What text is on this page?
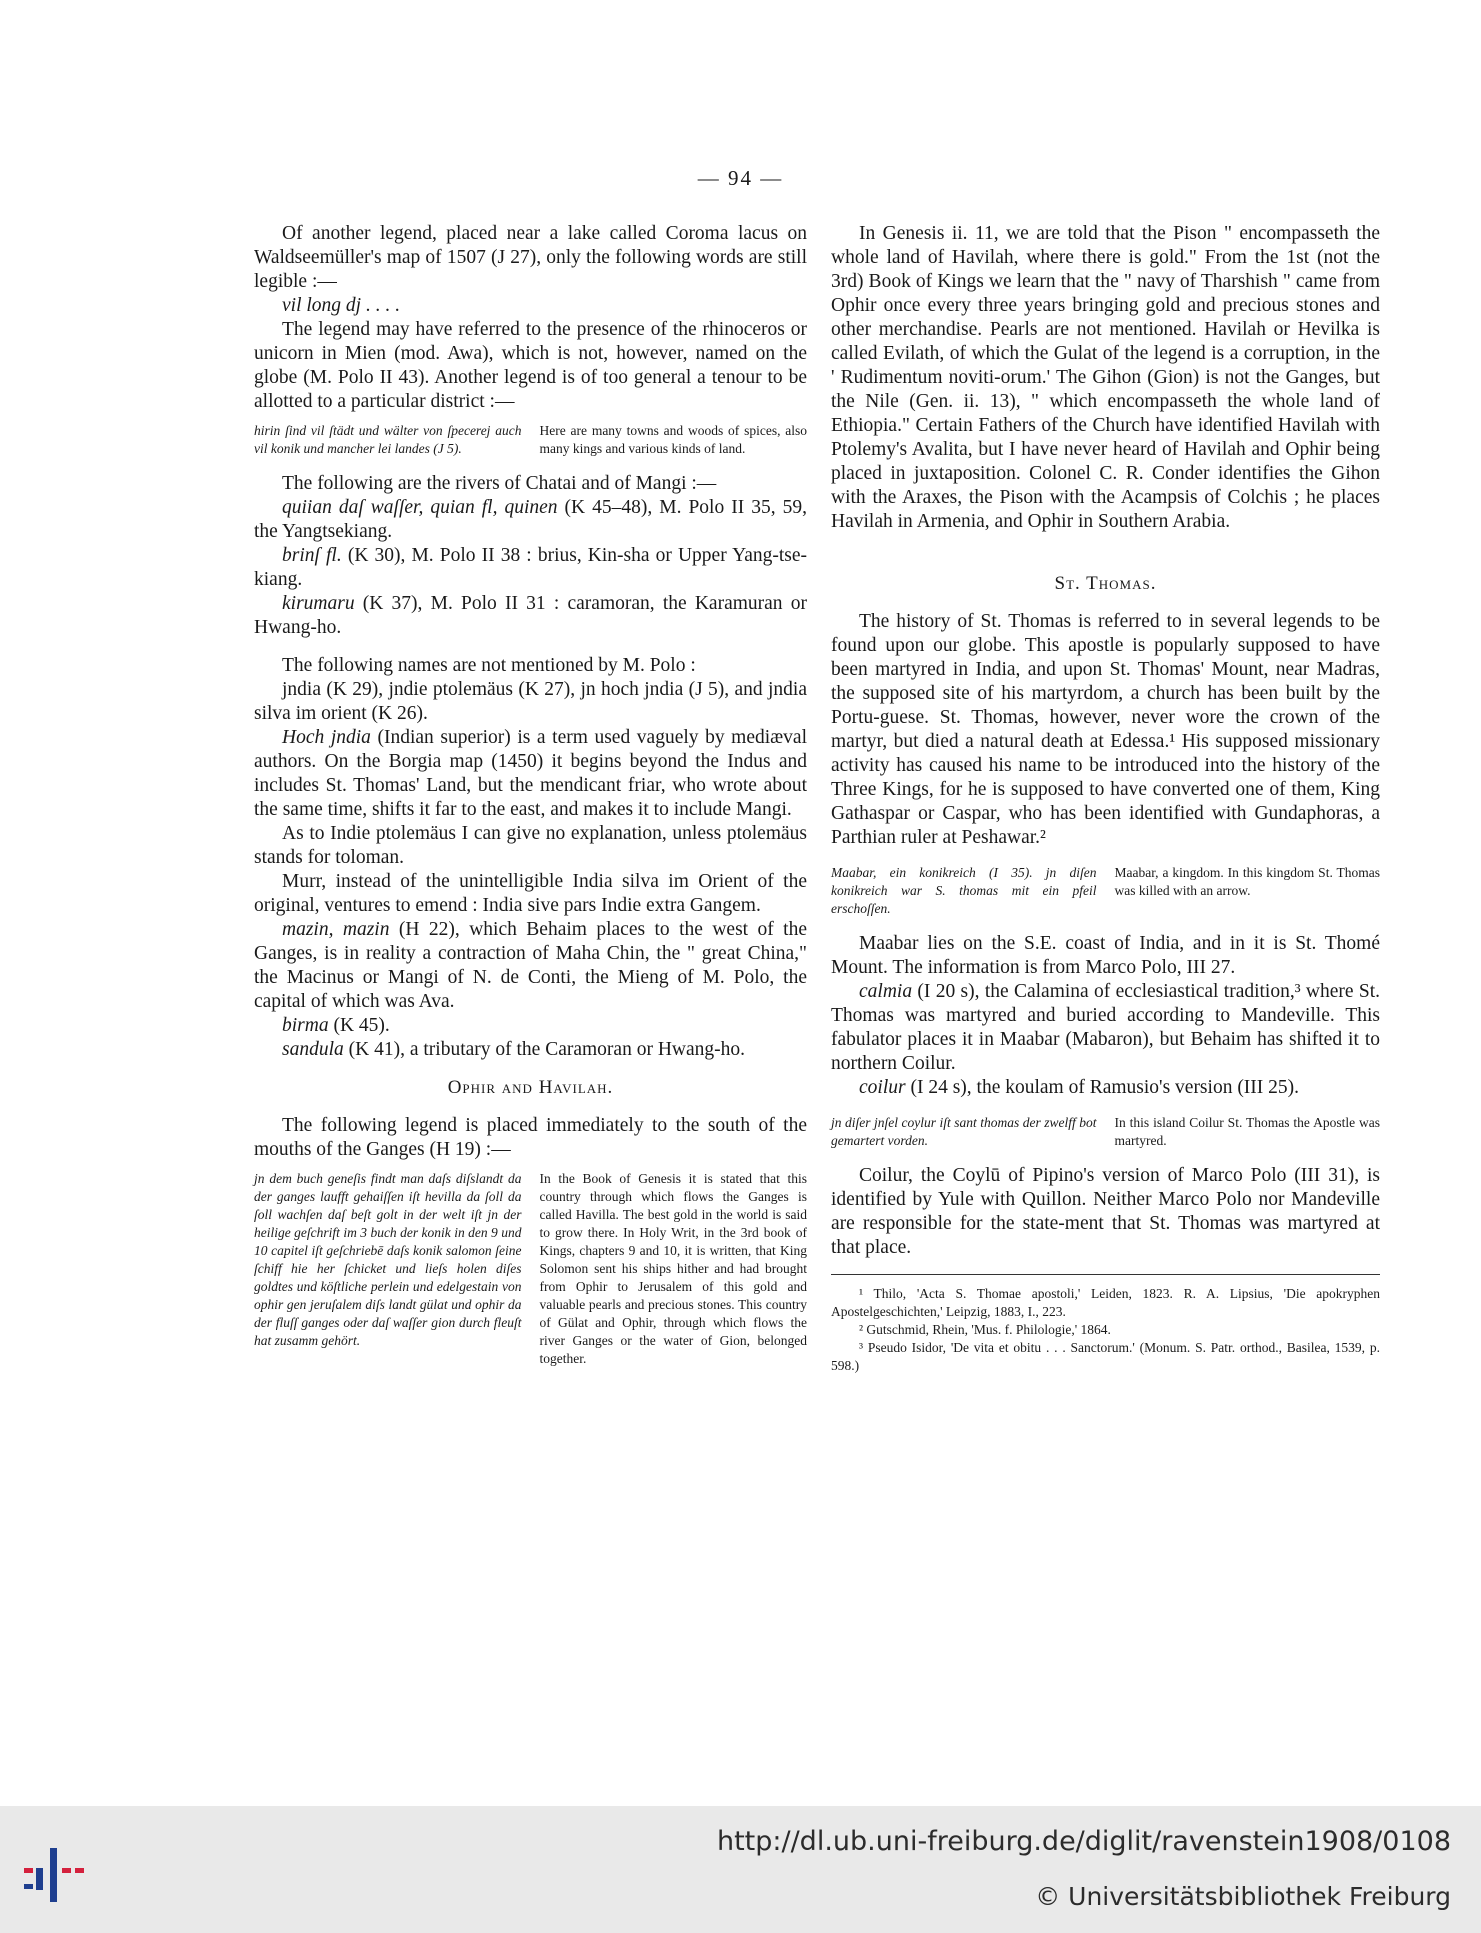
— 94 —

Of another legend, placed near a lake called Coroma lacus on Waldseemüller's map of 1507 (J 27), only the following words are still legible :—

vil long dj . . . .

The legend may have referred to the presence of the rhinoceros or unicorn in Mien (mod. Awa), which is not, however, named on the globe (M. Polo II 43). Another legend is of too general a tenour to be allotted to a particular district :—

hirin ſind vil ſtädt und wälter von ſpecerej auch vil konik und mancher lei landes (J 5).
Here are many towns and woods of spices, also many kings and various kinds of land.

The following are the rivers of Chatai and of Mangi :—

quiian daſ waſſer, quian fl, quinen (K 45–48), M. Polo II 35, 59, the Yangtsekiang.

brinſ fl. (K 30), M. Polo II 38 : brius, Kin-sha or Upper Yang-tse-kiang.

kirumaru (K 37), M. Polo II 31 : caramoran, the Karamuran or Hwang-ho.

The following names are not mentioned by M. Polo :

jndia (K 29), jndie ptolemäus (K 27), jn hoch jndia (J 5), and jndia silva im orient (K 26).

Hoch jndia (Indian superior) is a term used vaguely by mediæval authors. On the Borgia map (1450) it begins beyond the Indus and includes St. Thomas' Land, but the mendicant friar, who wrote about the same time, shifts it far to the east, and makes it to include Mangi.

As to Indie ptolemäus I can give no explanation, unless ptolemäus stands for toloman.

Murr, instead of the unintelligible India silva im Orient of the original, ventures to emend : India sive pars Indie extra Gangem.

mazin, mazin (H 22), which Behaim places to the west of the Ganges, is in reality a contraction of Maha Chin, the " great China," the Macinus or Mangi of N. de Conti, the Mieng of M. Polo, the capital of which was Ava.

birma (K 45).

sandula (K 41), a tributary of the Caramoran or Hwang-ho.

Ophir and Havilah.

The following legend is placed immediately to the south of the mouths of the Ganges (H 19) :—

jn dem buch geneſis findt man daſs diſslandt da der ganges laufft gehaiſſen iſt hevilla da ſoll da ſoll wachſen daſ beſt golt in der welt iſt jn der heilige geſchrift im 3 buch der konik in den 9 und 10 capitel iſt geſchriebē daſs konik salomon ſeine ſchiff hie her ſchicket und lieſs holen diſes goldtes und köſtliche perlein und edelgestain von ophir gen jeruſalem diſs landt gülat und ophir da der fluſſ ganges oder daſ waſſer gion durch fleuſt hat zusamm gehört.
In the Book of Genesis it is stated that this country through which flows the Ganges is called Havilla. The best gold in the world is said to grow there. In Holy Writ, in the 3rd book of Kings, chapters 9 and 10, it is written, that King Solomon sent his ships hither and had brought from Ophir to Jerusalem of this gold and valuable pearls and precious stones. This country of Gülat and Ophir, through which flows the river Ganges or the water of Gion, belonged together.

In Genesis ii. 11, we are told that the Pison " encompasseth the whole land of Havilah, where there is gold." From the 1st (not the 3rd) Book of Kings we learn that the " navy of Tharshish " came from Ophir once every three years bringing gold and precious stones and other merchandise. Pearls are not mentioned. Havilah or Hevilka is called Evilath, of which the Gulat of the legend is a corruption, in the ' Rudimentum noviti-orum.' The Gihon (Gion) is not the Ganges, but the Nile (Gen. ii. 13), " which encompasseth the whole land of Ethiopia." Certain Fathers of the Church have identified Havilah with Ptolemy's Avalita, but I have never heard of Havilah and Ophir being placed in juxtaposition. Colonel C. R. Conder identifies the Gihon with the Araxes, the Pison with the Acampsis of Colchis ; he places Havilah in Armenia, and Ophir in Southern Arabia.

St. Thomas.

The history of St. Thomas is referred to in several legends to be found upon our globe. This apostle is popularly supposed to have been martyred in India, and upon St. Thomas' Mount, near Madras, the supposed site of his martyrdom, a church has been built by the Portu-guese. St. Thomas, however, never wore the crown of the martyr, but died a natural death at Edessa.¹ His supposed missionary activity has caused his name to be introduced into the history of the Three Kings, for he is supposed to have converted one of them, King Gathaspar or Caspar, who has been identified with Gundaphoras, a Parthian ruler at Peshawar.²

Maabar, ein konikreich (I 35). jn diſen konikreich war S. thomas mit ein pfeil erschoſſen.
Maabar, a kingdom. In this kingdom St. Thomas was killed with an arrow.

Maabar lies on the S.E. coast of India, and in it is St. Thomé Mount. The information is from Marco Polo, III 27.

calmia (I 20 s), the Calamina of ecclesiastical tradition,³ where St. Thomas was martyred and buried according to Mandeville. This fabulator places it in Maabar (Mabaron), but Behaim has shifted it to northern Coilur.

coilur (I 24 s), the koulam of Ramusio's version (III 25).

jn diſer jnſel coylur iſt sant thomas der zwelff bot gemartert vorden.
In this island Coilur St. Thomas the Apostle was martyred.

Coilur, the Coylū of Pipino's version of Marco Polo (III 31), is identified by Yule with Quillon. Neither Marco Polo nor Mandeville are responsible for the state-ment that St. Thomas was martyred at that place.

¹ Thilo, 'Acta S. Thomae apostoli,' Leiden, 1823. R. A. Lipsius, 'Die apokryphen Apostelgeschichten,' Leipzig, 1883, I., 223.

² Gutschmid, Rhein, 'Mus. f. Philologie,' 1864.

³ Pseudo Isidor, 'De vita et obitu . . . Sanctorum.' (Monum. S. Patr. orthod., Basilea, 1539, p. 598.)

http://dl.ub.uni-freiburg.de/diglit/ravenstein1908/0108
© Universitätsbibliothek Freiburg
